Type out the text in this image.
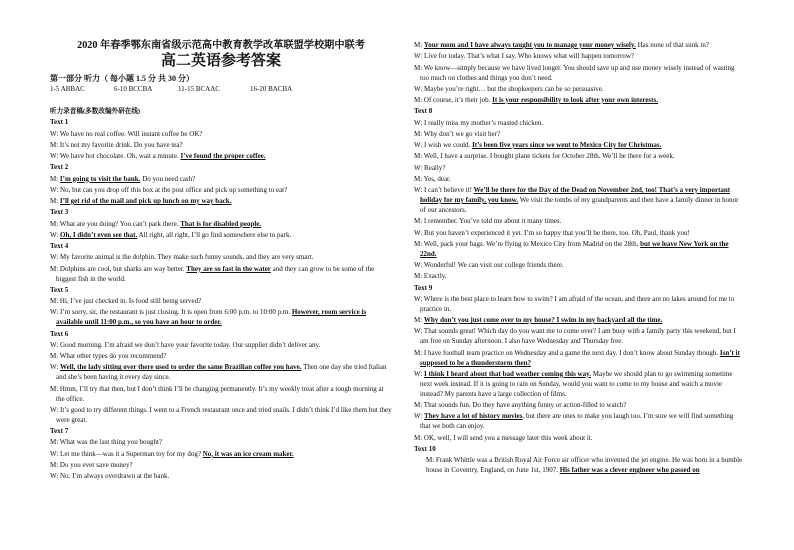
2020 年春季鄂东南省级示范高中教育教学改革联盟学校期中联考
高二英语参考答案
第一部分 听力（ 每小题 1.5 分 共 30 分）
1-5 ABBAC	6-10 BCCBA	11-15 BCAAC	16-20 BACBA
听力录音稿(多数改编外研在线)
Text 1
W: We have no real coffee. Will instant coffee be OK?
M: It’s not my favorite drink. Do you have tea?
W: We have hot chocolate. Oh, wait a minute. I’ve found the proper coffee.
Text 2
M: I’m going to visit the bank. Do you need cash?
W: No, but can you drop off this box at the post office and pick up something to eat?
M: I’ll get rid of the mail and pick up lunch on my way back.
Text 3
M: What are you doing? You can’t park there. That is for disabled people.
W: Oh, I didn’t even see that. All right, all right, I’ll go find somewhere else to park.
Text 4
W: My favorite animal is the dolphin. They make such funny sounds, and they are very smart.
M: Dolphins are cool, but sharks are way better. They are so fast in the water and they can grow to be some of the biggest fish in the world.
Text 5
M: Hi, I’ve just checked in. Is food still being served?
W: I’m sorry, sir, the restaurant is just closing. It is open from 6:00 p.m. to 10:00 p.m. However, room service is available until 11:00 p.m., so you have an hour to order.
Text 6
W: Good morning. I’m afraid we don’t have your favorite today. Our supplier didn’t deliver any.
M: What other types do you recommend?
W: Well, the lady sitting over there used to order the same Brazilian coffee you have. Then one day she tried Italian and she’s been having it every day since.
M: Hmm, I’ll try that then, but I don’t think I’ll be changing permanently. It’s my weekly treat after a tough morning at the office.
W: It’s good to try different things. I went to a French restaurant once and tried snails. I didn’t think I’d like them but they were great.
Text 7
M: What was the last thing you bought?
W: Let me think—was it a Superman toy for my dog? No, it was an ice cream maker.
M: Do you ever save money?
W: No. I’m always overdrawn at the bank.
M: Your mom and I have always taught you to manage your money wisely. Has none of that sunk in?
W: Live for today. That’s what I say. Who knows what will happen tomorrow?
M: We know—simply because we have lived longer. You should save up and use money wisely instead of wasting too much on clothes and things you don’t need.
W: Maybe you’re right… but the shopkeepers can be so persuasive.
M: Of course, it’s their job. It is your responsibility to look after your own interests.
Text 8
W: I really miss my mother’s roasted chicken.
M: Why don’t we go visit her?
W: I wish we could. It’s been five years since we went to Mexico City for Christmas.
M: Well, I have a surprise. I bought plane tickets for October 28th. We’ll be there for a week.
W: Really?
M: Yes, dear.
W: I can’t believe it! We’ll be there for the Day of the Dead on November 2nd, too! That’s a very important holiday for my family, you know. We visit the tombs of my grandparents and then have a family dinner in honor of our ancestors.
M: I remember. You’ve told me about it many times.
W: But you haven’t experienced it yet. I’m so happy that you’ll be there, too. Oh, Paul, thank you!
M: Well, pack your bags. We’re flying to Mexico City from Madrid on the 28th, but we leave New York on the 22nd.
W: Wonderful! We can visit our college friends there.
M: Exactly.
Text 9
W: Where is the best place to learn how to swim? I am afraid of the ocean, and there are no lakes around for me to practice in.
M: Why don’t you just come over to my house? I swim in my backyard all the time.
W: That sounds great! Which day do you want me to come over? I am busy with a family party this weekend, but I am free on Sunday afternoon. I also have Wednesday and Thursday free.
M: I have football team practice on Wednesday and a game the next day. I don’t know about Sunday though. Isn’t it supposed to be a thunderstorm then?
W: I think I heard about that bad weather coming this way. Maybe we should plan to go swimming sometime next week instead. If it is going to rain on Sunday, would you want to come to my house and watch a movie instead? My parents have a large collection of films.
M: That sounds fun. Do they have anything funny or action-filled to watch?
W: They have a lot of history movies, but there are ones to make you laugh too. I’m sure we will find something that we both can enjoy.
M: OK, well, I will send you a message later this week about it.
Text 10
M: Frank Whittle was a British Royal Air Force air officer who invented the jet engine. He was born in a humble house in Coventry, England, on June 1st, 1907. His father was a clever engineer who passed on
